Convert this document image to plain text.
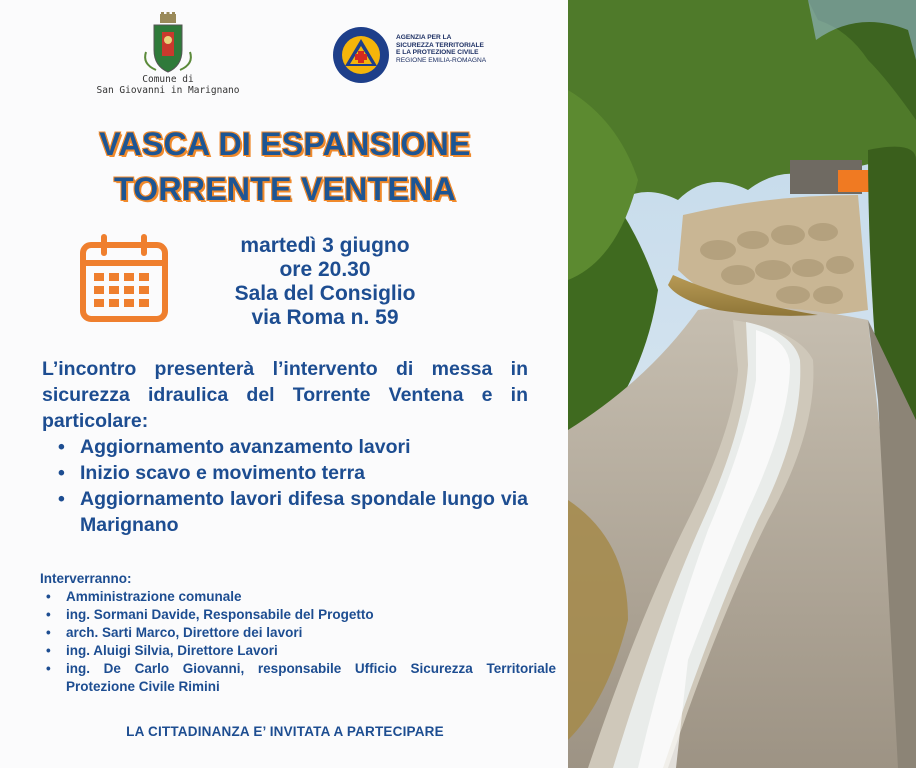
Comune di
San Giovanni in Marignano
AGENZIA PER LA
SICUREZZA TERRITORIALE
E LA PROTEZIONE CIVILE
REGIONE EMILIA-ROMAGNA
VASCA DI ESPANSIONE
TORRENTE VENTENA
martedì 3 giugno
ore 20.30
Sala del Consiglio
via Roma n. 59

L’incontro presenterà l’intervento di messa in sicurezza idraulica del Torrente Ventena e in particolare:

• Aggiornamento avanzamento lavori
• Inizio scavo e movimento terra
• Aggiornamento lavori difesa spondale lungo via Marignano
Interverranno:
• Amministrazione comunale
• ing. Sormani Davide, Responsabile del Progetto
• arch. Sarti Marco, Direttore dei lavori
• ing. Aluigi Silvia, Direttore Lavori
• ing. De Carlo Giovanni, responsabile Ufficio Sicurezza Territoriale Protezione Civile Rimini
LA CITTADINANZA E’ INVITATA A PARTECIPARE
